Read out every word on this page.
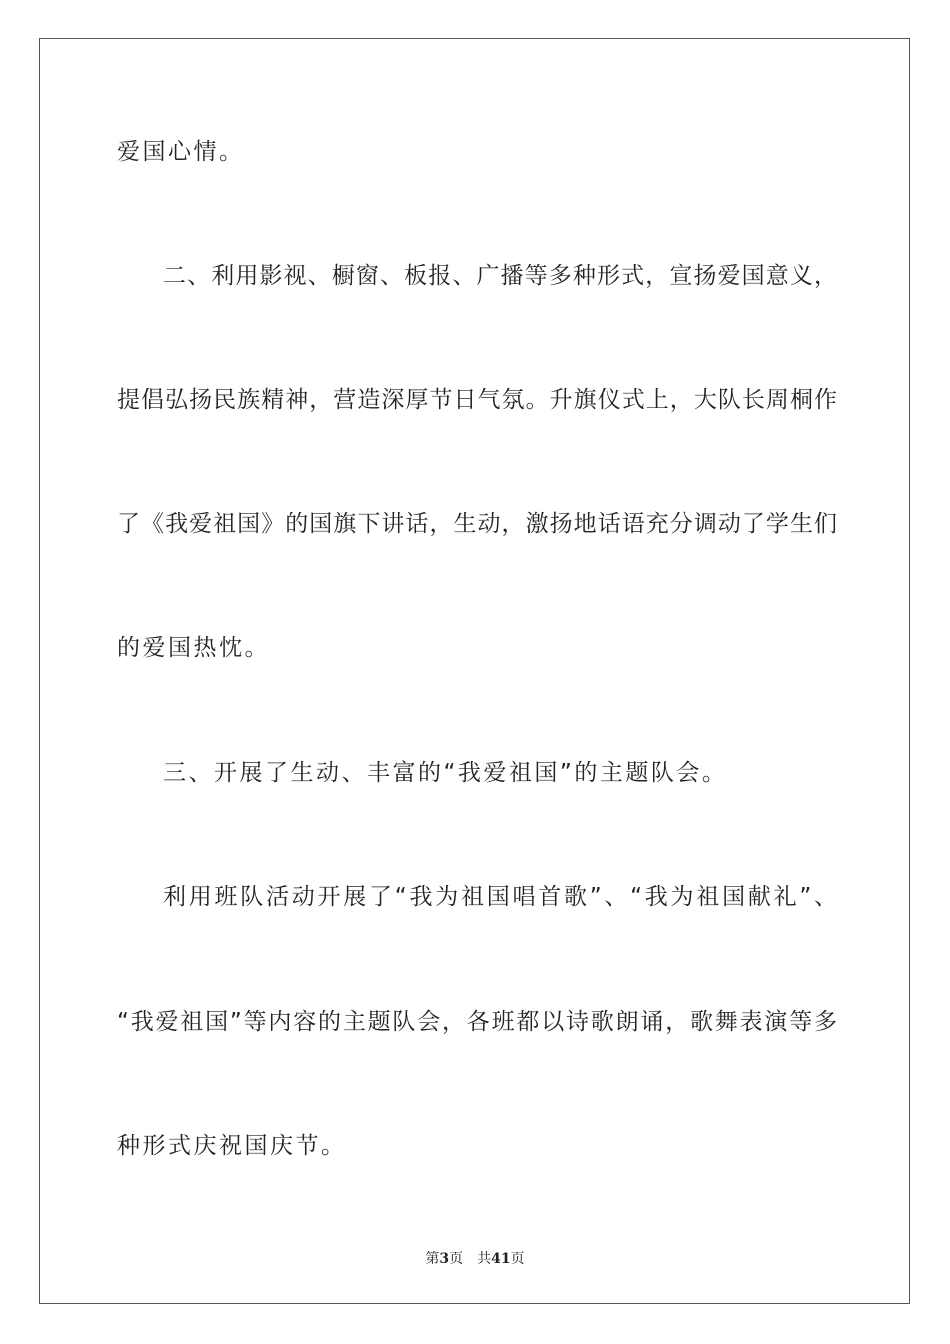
爱国心情。
二、利用影视、橱窗、板报、广播等多种形式，宣扬爱国意义，
提倡弘扬民族精神，营造深厚节日气氛。升旗仪式上，大队长周桐作
了《我爱祖国》的国旗下讲话，生动，激扬地话语充分调动了学生们
的爱国热忱。
三、开展了生动、丰富的“我爱祖国”的主题队会。
利用班队活动开展了“我为祖国唱首歌”、“我为祖国献礼”、
“我爱祖国”等内容的主题队会，各班都以诗歌朗诵，歌舞表演等多
种形式庆祝国庆节。
第3页 共41页
